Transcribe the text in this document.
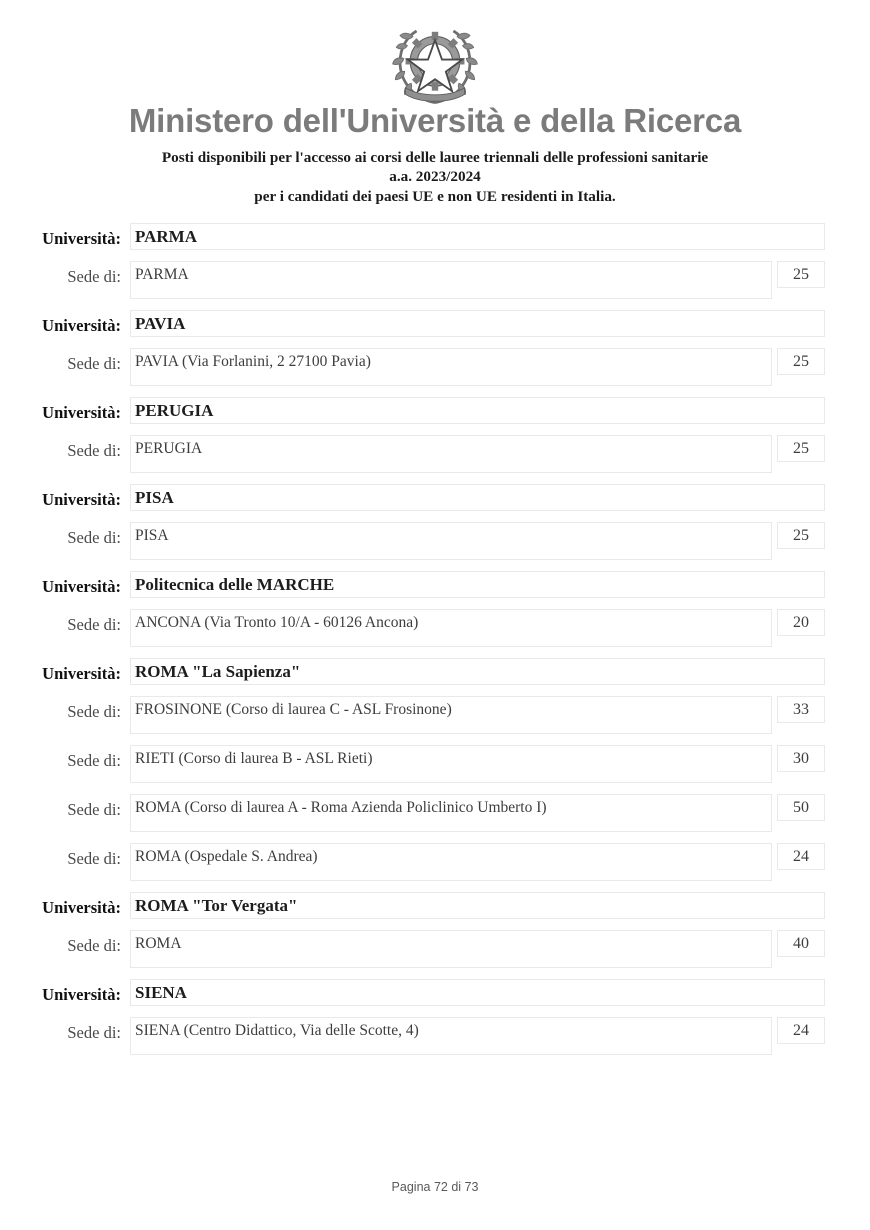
Ministero dell'Università e della Ricerca
Posti disponibili per l'accesso ai corsi delle lauree triennali delle professioni sanitarie
a.a. 2023/2024
per i candidati dei paesi UE e non UE residenti in Italia.
Università: PARMA
Sede di: PARMA	25
Università: PAVIA
Sede di: PAVIA (Via Forlanini, 2 27100 Pavia)	25
Università: PERUGIA
Sede di: PERUGIA	25
Università: PISA
Sede di: PISA	25
Università: Politecnica delle MARCHE
Sede di: ANCONA (Via Tronto 10/A - 60126 Ancona)	20
Università: ROMA "La Sapienza"
Sede di: FROSINONE (Corso di laurea C - ASL Frosinone)	33
Sede di: RIETI (Corso di laurea B - ASL Rieti)	30
Sede di: ROMA (Corso di laurea A - Roma Azienda Policlinico Umberto I)	50
Sede di: ROMA (Ospedale S. Andrea)	24
Università: ROMA "Tor Vergata"
Sede di: ROMA	40
Università: SIENA
Sede di: SIENA (Centro Didattico, Via delle Scotte, 4)	24
Pagina 72 di 73
